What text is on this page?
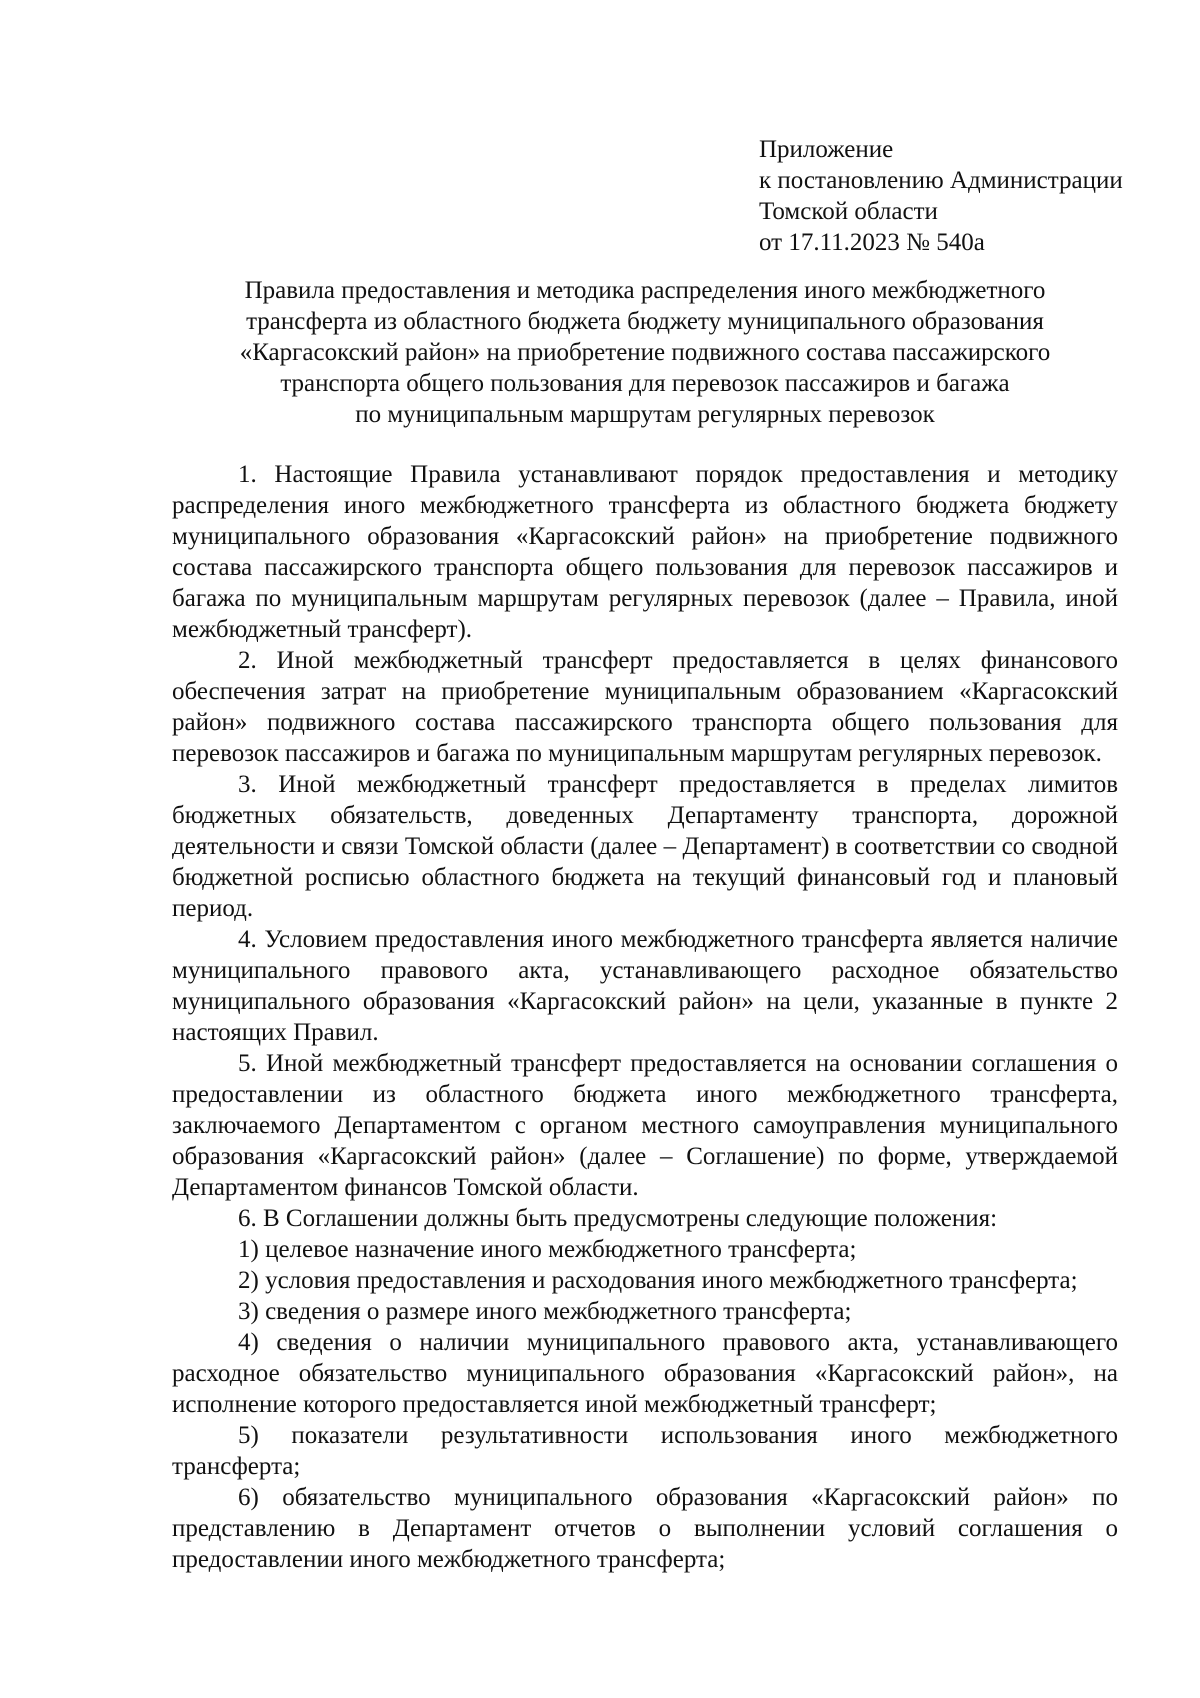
Приложение
к постановлению Администрации
Томской области
от 17.11.2023 № 540а
Правила предоставления и методика распределения иного межбюджетного
трансферта из областного бюджета бюджету муниципального образования
«Каргасокский район» на приобретение подвижного состава пассажирского
транспорта общего пользования для перевозок пассажиров и багажа
по муниципальным маршрутам регулярных перевозок

1. Настоящие Правила устанавливают порядок предоставления и методику распределения иного межбюджетного трансферта из областного бюджета бюджету муниципального образования «Каргасокский район» на приобретение подвижного состава пассажирского транспорта общего пользования для перевозок пассажиров и багажа по муниципальным маршрутам регулярных перевозок (далее – Правила, иной межбюджетный трансферт).

2. Иной межбюджетный трансферт предоставляется в целях финансового обеспечения затрат на приобретение муниципальным образованием «Каргасокский район» подвижного состава пассажирского транспорта общего пользования для перевозок пассажиров и багажа по муниципальным маршрутам регулярных перевозок.

3. Иной межбюджетный трансферт предоставляется в пределах лимитов бюджетных обязательств, доведенных Департаменту транспорта, дорожной деятельности и связи Томской области (далее – Департамент) в соответствии со сводной бюджетной росписью областного бюджета на текущий финансовый год и плановый период.

4. Условием предоставления иного межбюджетного трансферта является наличие муниципального правового акта, устанавливающего расходное обязательство муниципального образования «Каргасокский район» на цели, указанные в пункте 2 настоящих Правил.

5. Иной межбюджетный трансферт предоставляется на основании соглашения о предоставлении из областного бюджета иного межбюджетного трансферта, заключаемого Департаментом с органом местного самоуправления муниципального образования «Каргасокский район» (далее – Соглашение) по форме, утверждаемой Департаментом финансов Томской области.

6. В Соглашении должны быть предусмотрены следующие положения:

1) целевое назначение иного межбюджетного трансферта;

2) условия предоставления и расходования иного межбюджетного трансферта;

3) сведения о размере иного межбюджетного трансферта;

4) сведения о наличии муниципального правового акта, устанавливающего расходное обязательство муниципального образования «Каргасокский район», на исполнение которого предоставляется иной межбюджетный трансферт;

5) показатели результативности использования иного межбюджетного трансферта;

6) обязательство муниципального образования «Каргасокский район» по представлению в Департамент отчетов о выполнении условий соглашения о предоставлении иного межбюджетного трансферта;
